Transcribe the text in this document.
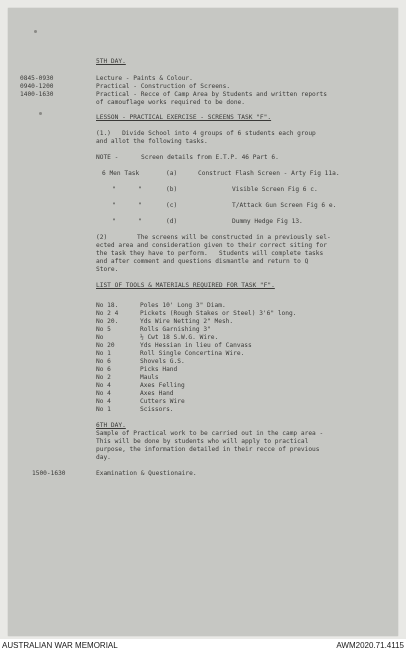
5TH DAY.
0845-0930	Lecture - Paints & Colour.
0940-1200	Practical - Construction of Screens.
1400-1630	Practical - Recce of Camp Area by Students and written reports
of camouflage works required to be done.
LESSON - PRACTICAL EXERCISE - SCREENS TASK "F".
(1.)   Divide School into 4 groups of 6 students each group
and allot the following tasks.
NOTE -	Screen details from E.T.P. 46 Part 6.
6 Men Task	(a)	Construct Flash Screen - Arty Fig 11a.
"      "	(b)	Visible Screen Fig 6 c.
"      "	(c)	T/Attack Gun Screen Fig 6 e.
"      "	(d)	Dummy Hedge Fig 13.
(2)        The screens will be constructed in a previously sel-
ected area and consideration given to their correct siting for
the task they have to perform.   Students will complete tasks
and after comment and questions dismantle and return to Q
Store.
LIST OF TOOLS & MATERIALS REQUIRED FOR TASK "F".
No 18.	Poles 10' Long 3" Diam.
No 2 4	Pickets (Rough Stakes or Steel) 3'6" long.
No 20.	Yds Wire Netting 2" Mesh.
No 5	Rolls Garnishing 3"
No	½ Cwt 18 S.W.G. Wire.
No 20	Yds Hessian in lieu of Canvass
No 1	Roll Single Concertina Wire.
No 6	Shovels G.S.
No 6	Picks Hand
No 2	Mauls
No 4	Axes Felling
No 4	Axes Hand
No 4	Cutters Wire
No 1	Scissors.
6TH DAY.
Sample of Practical work to be carried out in the camp area -
This will be done by students who will apply to practical
purpose, the information detailed in their recce of previous
day.
1500-1630	Examination & Questionaire.
AUSTRALIAN WAR MEMORIAL	AWM2020.71.4115
